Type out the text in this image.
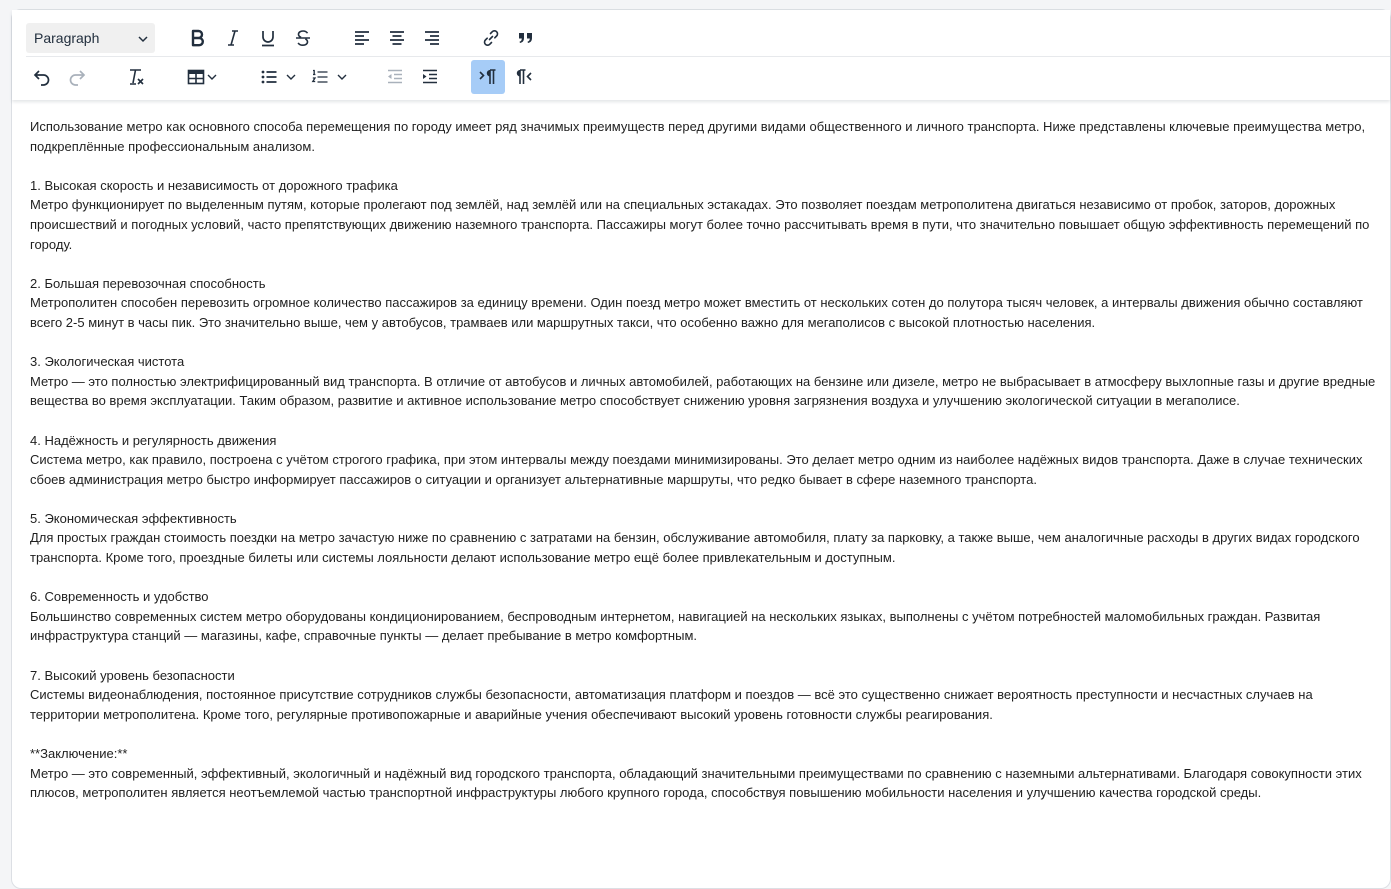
Paragraph

Использование метро как основного способа перемещения по городу имеет ряд значимых преимуществ перед другими видами общественного и личного транспорта. Ниже представлены ключевые преимущества метро, подкреплённые профессиональным анализом.

1. Высокая скорость и независимость от дорожного трафика

Метро функционирует по выделенным путям, которые пролегают под землёй, над землёй или на специальных эстакадах. Это позволяет поездам метрополитена двигаться независимо от пробок, заторов, дорожных происшествий и погодных условий, часто препятствующих движению наземного транспорта. Пассажиры могут более точно рассчитывать время в пути, что значительно повышает общую эффективность перемещений по городу.

2. Большая перевозочная способность

Метрополитен способен перевозить огромное количество пассажиров за единицу времени. Один поезд метро может вместить от нескольких сотен до полутора тысяч человек, а интервалы движения обычно составляют всего 2-5 минут в часы пик. Это значительно выше, чем у автобусов, трамваев или маршрутных такси, что особенно важно для мегаполисов с высокой плотностью населения.

3. Экологическая чистота

Метро — это полностью электрифицированный вид транспорта. В отличие от автобусов и личных автомобилей, работающих на бензине или дизеле, метро не выбрасывает в атмосферу выхлопные газы и другие вредные вещества во время эксплуатации. Таким образом, развитие и активное использование метро способствует снижению уровня загрязнения воздуха и улучшению экологической ситуации в мегаполисе.

4. Надёжность и регулярность движения

Система метро, как правило, построена с учётом строгого графика, при этом интервалы между поездами минимизированы. Это делает метро одним из наиболее надёжных видов транспорта. Даже в случае технических сбоев администрация метро быстро информирует пассажиров о ситуации и организует альтернативные маршруты, что редко бывает в сфере наземного транспорта.

5. Экономическая эффективность

Для простых граждан стоимость поездки на метро зачастую ниже по сравнению с затратами на бензин, обслуживание автомобиля, плату за парковку, а также выше, чем аналогичные расходы в других видах городского транспорта. Кроме того, проездные билеты или системы лояльности делают использование метро ещё более привлекательным и доступным.

6. Современность и удобство

Большинство современных систем метро оборудованы кондиционированием, беспроводным интернетом, навигацией на нескольких языках, выполнены с учётом потребностей маломобильных граждан. Развитая инфраструктура станций — магазины, кафе, справочные пункты — делает пребывание в метро комфортным.

7. Высокий уровень безопасности

Системы видеонаблюдения, постоянное присутствие сотрудников службы безопасности, автоматизация платформ и поездов — всё это существенно снижает вероятность преступности и несчастных случаев на территории метрополитена. Кроме того, регулярные противопожарные и аварийные учения обеспечивают высокий уровень готовности службы реагирования.

**Заключение:**

Метро — это современный, эффективный, экологичный и надёжный вид городского транспорта, обладающий значительными преимуществами по сравнению с наземными альтернативами. Благодаря совокупности этих плюсов, метрополитен является неотъемлемой частью транспортной инфраструктуры любого крупного города, способствуя повышению мобильности населения и улучшению качества городской среды.
